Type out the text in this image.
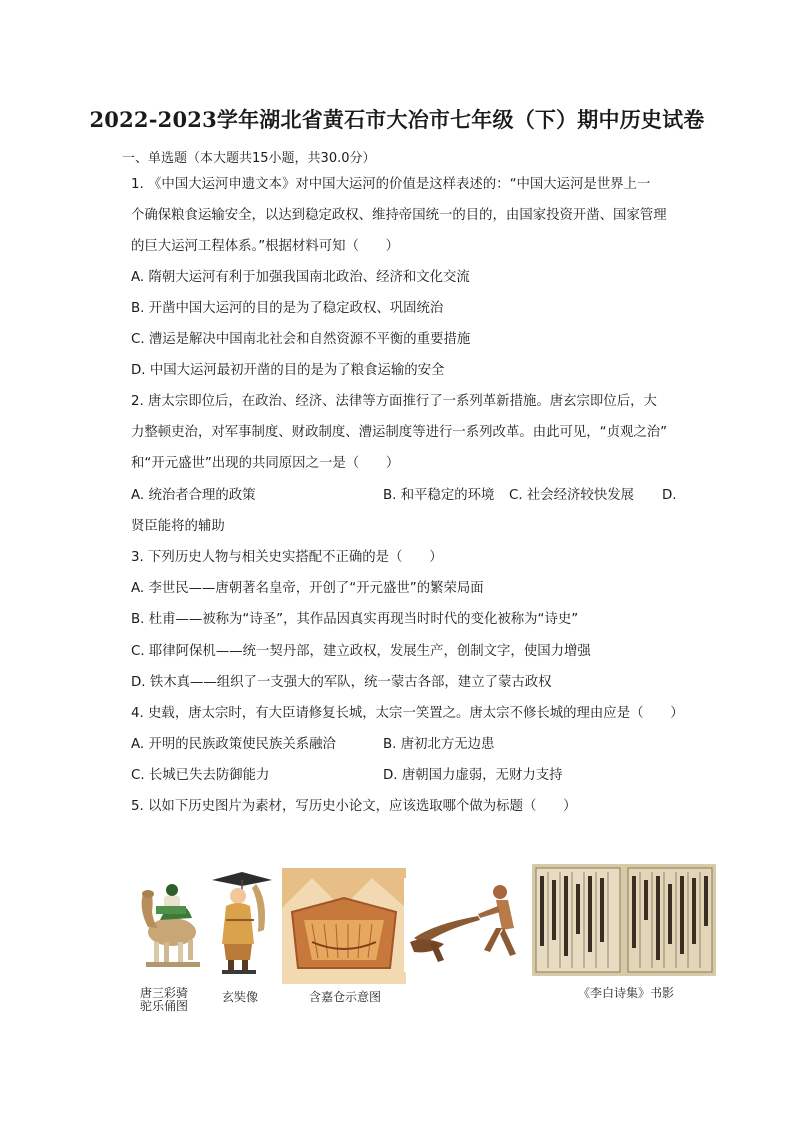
2022-2023学年湖北省黄石市大冶市七年级（下）期中历史试卷
一、单选题（本大题共15小题，共30.0分）
1. 《中国大运河申遗文本》对中国大运河的价值是这样表述的：“中国大运河是世界上一
个确保粮食运输安全，以达到稳定政权、维持帝国统一的目的，由国家投资开凿、国家管理
的巨大运河工程体系。”根据材料可知（　　）
A. 隋朝大运河有利于加强我国南北政治、经济和文化交流
B. 开凿中国大运河的目的是为了稳定政权、巩固统治
C. 漕运是解决中国南北社会和自然资源不平衡的重要措施
D. 中国大运河最初开凿的目的是为了粮食运输的安全
2. 唐太宗即位后，在政治、经济、法律等方面推行了一系列革新措施。唐玄宗即位后，大
力整顿吏治，对军事制度、财政制度、漕运制度等进行一系列改革。由此可见，“贞观之治”
和“开元盛世”出现的共同原因之一是（　　）
A. 统治者合理的政策	B. 和平稳定的环境 C. 社会经济较快发展 D.
贤臣能将的辅助
3. 下列历史人物与相关史实搭配不正确的是（　　）
A. 李世民——唐朝著名皇帝，开创了“开元盛世”的繁荣局面
B. 杜甫——被称为“诗圣”，其作品因真实再现当时时代的变化被称为“诗史”
C. 耶律阿保机——统一契丹部，建立政权，发展生产，创制文字，使国力增强
D. 铁木真——组织了一支强大的军队，统一蒙古各部，建立了蒙古政权
4. 史载，唐太宗时，有大臣请修复长城，太宗一笑置之。唐太宗不修长城的理由应是（　　）
A. 开明的民族政策使民族关系融洽	B. 唐初北方无边患
C. 长城已失去防御能力	D. 唐朝国力虚弱，无财力支持
5. 以如下历史图片为素材，写历史小论文，应该选取哪个做为标题（　　）
唐三彩骑
驼乐俑图
玄奘像	含嘉仓示意图	《李白诗集》书影
